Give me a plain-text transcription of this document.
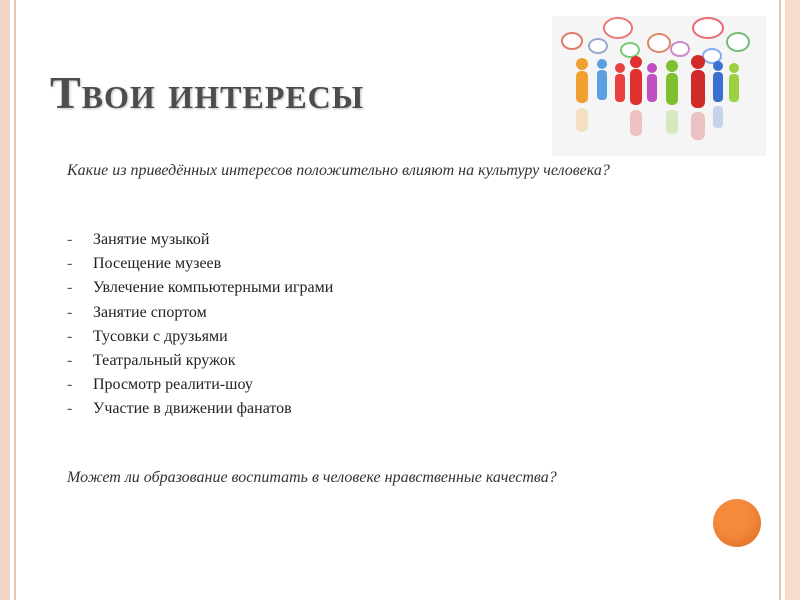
Твои интересы
Какие из приведённых интересов положительно влияют на культуру человека?
- Занятие музыкой
- Посещение музеев
- Увлечение компьютерными играми
- Занятие спортом
- Тусовки с друзьями
- Театральный кружок
- Просмотр реалити-шоу
- Участие в движении фанатов
Может ли образование воспитать в человеке нравственные качества?
